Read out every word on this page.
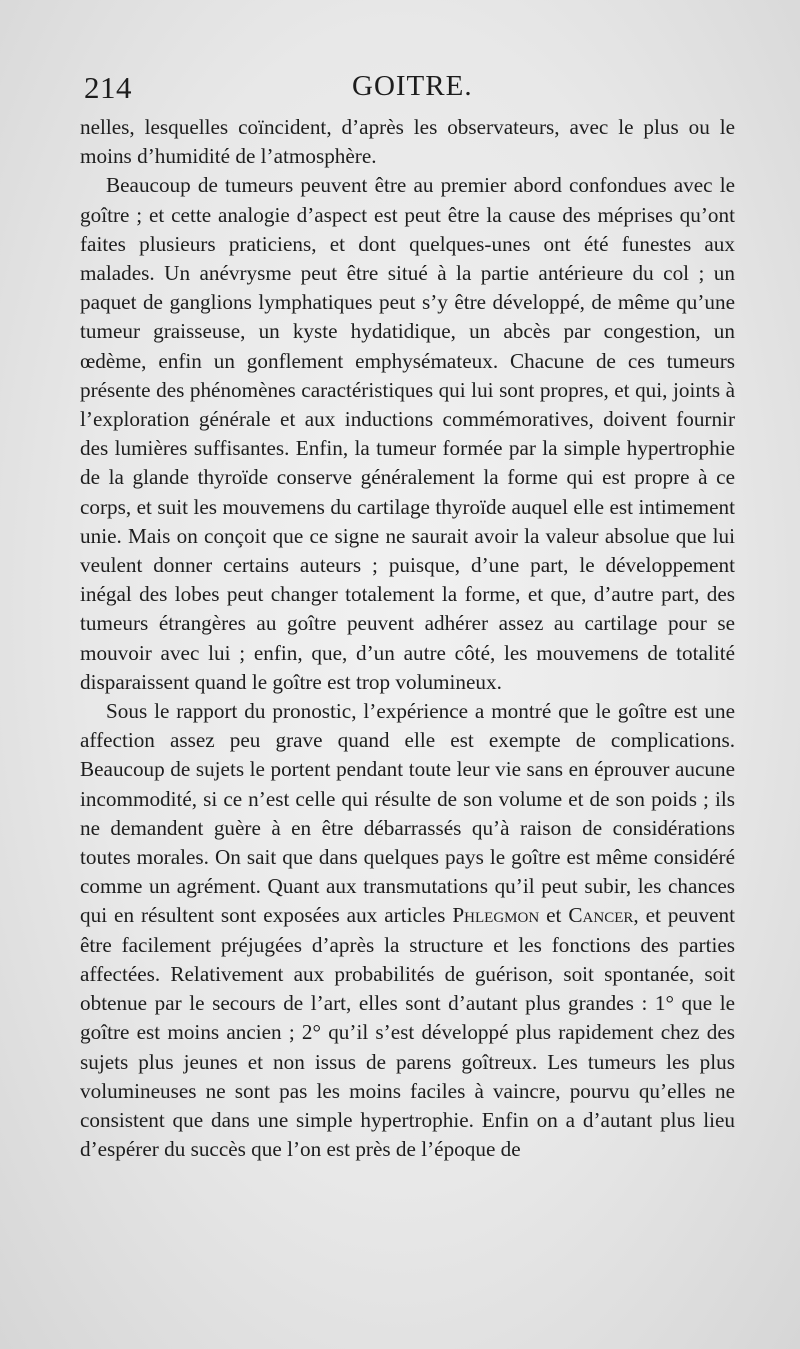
214	GOITRE.

nelles, lesquelles coïncident, d’après les observateurs, avec le plus ou le moins d’humidité de l’atmosphère.

Beaucoup de tumeurs peuvent être au premier abord confondues avec le goître ; et cette analogie d’aspect est peut être la cause des méprises qu’ont faites plusieurs praticiens, et dont quelques-unes ont été funestes aux malades. Un anévrysme peut être situé à la partie antérieure du col ; un paquet de ganglions lymphatiques peut s’y être développé, de même qu’une tumeur graisseuse, un kyste hydatidique, un abcès par congestion, un œdème, enfin un gonflement emphysémateux. Chacune de ces tumeurs présente des phénomènes caractéristiques qui lui sont propres, et qui, joints à l’exploration générale et aux inductions commémoratives, doivent fournir des lumières suffisantes. Enfin, la tumeur formée par la simple hypertrophie de la glande thyroïde conserve généralement la forme qui est propre à ce corps, et suit les mouvemens du cartilage thyroïde auquel elle est intimement unie. Mais on conçoit que ce signe ne saurait avoir la valeur absolue que lui veulent donner certains auteurs ; puisque, d’une part, le développement inégal des lobes peut changer totalement la forme, et que, d’autre part, des tumeurs étrangères au goître peuvent adhérer assez au cartilage pour se mouvoir avec lui ; enfin, que, d’un autre côté, les mouvemens de totalité disparaissent quand le goître est trop volumineux.

Sous le rapport du pronostic, l’expérience a montré que le goître est une affection assez peu grave quand elle est exempte de complications. Beaucoup de sujets le portent pendant toute leur vie sans en éprouver aucune incommodité, si ce n’est celle qui résulte de son volume et de son poids ; ils ne demandent guère à en être débarrassés qu’à raison de considérations toutes morales. On sait que dans quelques pays le goître est même considéré comme un agrément. Quant aux transmutations qu’il peut subir, les chances qui en résultent sont exposées aux articles Phlegmon et Cancer, et peuvent être facilement préjugées d’après la structure et les fonctions des parties affectées. Relativement aux probabilités de guérison, soit spontanée, soit obtenue par le secours de l’art, elles sont d’autant plus grandes : 1° que le goître est moins ancien ; 2° qu’il s’est développé plus rapidement chez des sujets plus jeunes et non issus de parens goîtreux. Les tumeurs les plus volumineuses ne sont pas les moins faciles à vaincre, pourvu qu’elles ne consistent que dans une simple hypertrophie. Enfin on a d’autant plus lieu d’espérer du succès que l’on est près de l’époque de
